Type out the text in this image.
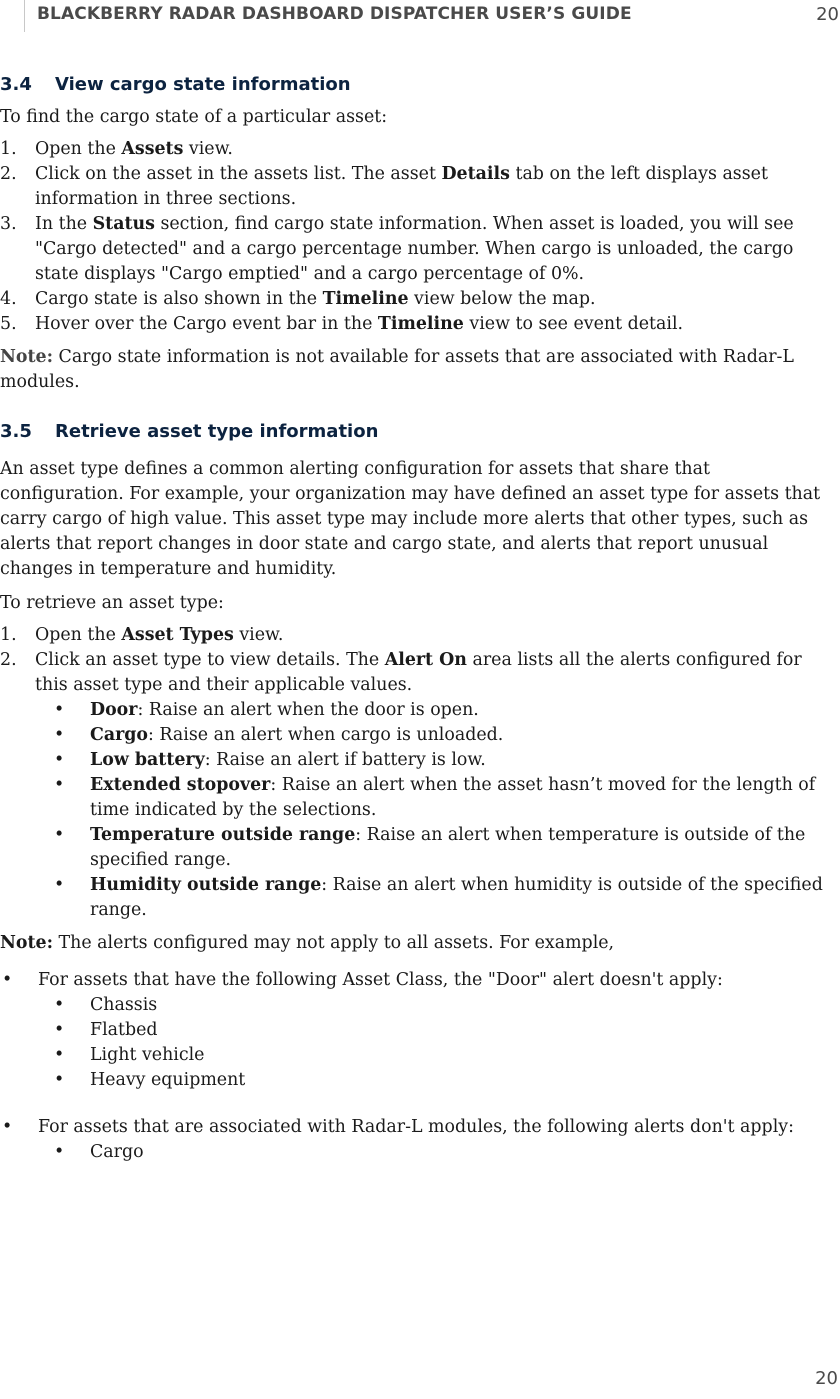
BLACKBERRY RADAR DASHBOARD DISPATCHER USER’S GUIDE	20
3.4	View cargo state information

To find the cargo state of a particular asset:

1.	Open the Assets view.
2.	Click on the asset in the assets list. The asset Details tab on the left displays asset information in three sections.
3.	In the Status section, find cargo state information. When asset is loaded, you will see "Cargo detected" and a cargo percentage number. When cargo is unloaded, the cargo state displays "Cargo emptied" and a cargo percentage of 0%.
4.	Cargo state is also shown in the Timeline view below the map.
5.	Hover over the Cargo event bar in the Timeline view to see event detail.

Note: Cargo state information is not available for assets that are associated with Radar-L modules.

3.5	Retrieve asset type information

An asset type defines a common alerting configuration for assets that share that configuration. For example, your organization may have defined an asset type for assets that carry cargo of high value. This asset type may include more alerts that other types, such as alerts that report changes in door state and cargo state, and alerts that report unusual changes in temperature and humidity.

To retrieve an asset type:

1.	Open the Asset Types view.
2.	Click an asset type to view details. The Alert On area lists all the alerts configured for this asset type and their applicable values.
•	Door: Raise an alert when the door is open.
•	Cargo: Raise an alert when cargo is unloaded.
•	Low battery: Raise an alert if battery is low.
•	Extended stopover: Raise an alert when the asset hasn’t moved for the length of time indicated by the selections.
•	Temperature outside range: Raise an alert when temperature is outside of the specified range.
•	Humidity outside range: Raise an alert when humidity is outside of the specified range.

Note: The alerts configured may not apply to all assets. For example,

•	For assets that have the following Asset Class, the "Door" alert doesn't apply:
•	Chassis
•	Flatbed
•	Light vehicle
•	Heavy equipment
•	For assets that are associated with Radar-L modules, the following alerts don't apply:
•	Cargo
20
